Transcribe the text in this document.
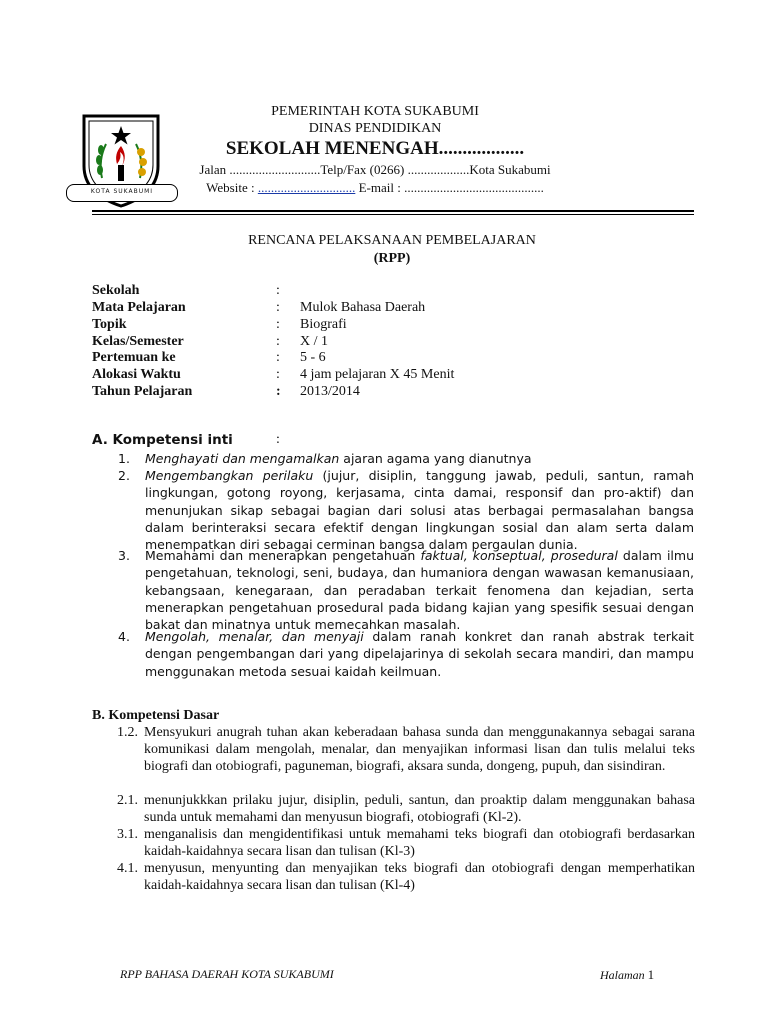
KOTA SUKABUMI
PEMERINTAH KOTA SUKABUMI
DINAS PENDIDIKAN
SEKOLAH MENENGAH..................
Jalan ............................Telp/Fax (0266) ...................Kota Sukabumi
Website : .............................. E-mail : ...........................................
RENCANA PELAKSANAAN PEMBELAJARAN
(RPP)
Sekolah	:
Mata Pelajaran	: Mulok Bahasa Daerah
Topik	: Biografi
Kelas/Semester	: X / 1
Pertemuan ke	: 5 - 6
Alokasi Waktu	: 4 jam pelajaran X 45 Menit
Tahun Pelajaran	: 2013/2014
A. Kompetensi inti	:
1. Menghayati dan mengamalkan ajaran agama yang dianutnya
2. Mengembangkan perilaku (jujur, disiplin, tanggung jawab, peduli, santun, ramah lingkungan, gotong royong, kerjasama, cinta damai, responsif dan pro-aktif) dan menunjukan sikap sebagai bagian dari solusi atas berbagai permasalahan bangsa dalam berinteraksi secara efektif dengan lingkungan sosial dan alam serta dalam menempatkan diri sebagai cerminan bangsa dalam pergaulan dunia.
3. Memahami dan menerapkan pengetahuan faktual, konseptual, prosedural dalam ilmu pengetahuan, teknologi, seni, budaya, dan humaniora dengan wawasan kemanusiaan, kebangsaan, kenegaraan, dan peradaban terkait fenomena dan kejadian, serta menerapkan pengetahuan prosedural pada bidang kajian yang spesifik sesuai dengan bakat dan minatnya untuk memecahkan masalah.
4. Mengolah, menalar, dan menyaji dalam ranah konkret dan ranah abstrak terkait dengan pengembangan dari yang dipelajarinya di sekolah secara mandiri, dan mampu menggunakan metoda sesuai kaidah keilmuan.
B. Kompetensi Dasar
1.2. Mensyukuri anugrah tuhan akan keberadaan bahasa sunda dan menggunakannya sebagai sarana komunikasi dalam mengolah, menalar, dan menyajikan informasi lisan dan tulis melalui teks biografi dan otobiografi, paguneman, biografi, aksara sunda, dongeng, pupuh, dan sisindiran.
2.1. menunjukkkan prilaku jujur, disiplin, peduli, santun, dan proaktip dalam menggunakan bahasa sunda untuk memahami dan menyusun biografi, otobiografi (Kl-2).
3.1. menganalisis dan mengidentifikasi untuk memahami teks biografi dan otobiografi berdasarkan kaidah-kaidahnya secara lisan dan tulisan (Kl-3)
4.1. menyusun, menyunting dan menyajikan teks biografi dan otobiografi dengan memperhatikan kaidah-kaidahnya secara lisan dan tulisan (Kl-4)
RPP BAHASA DAERAH KOTA SUKABUMI	Halaman 1
